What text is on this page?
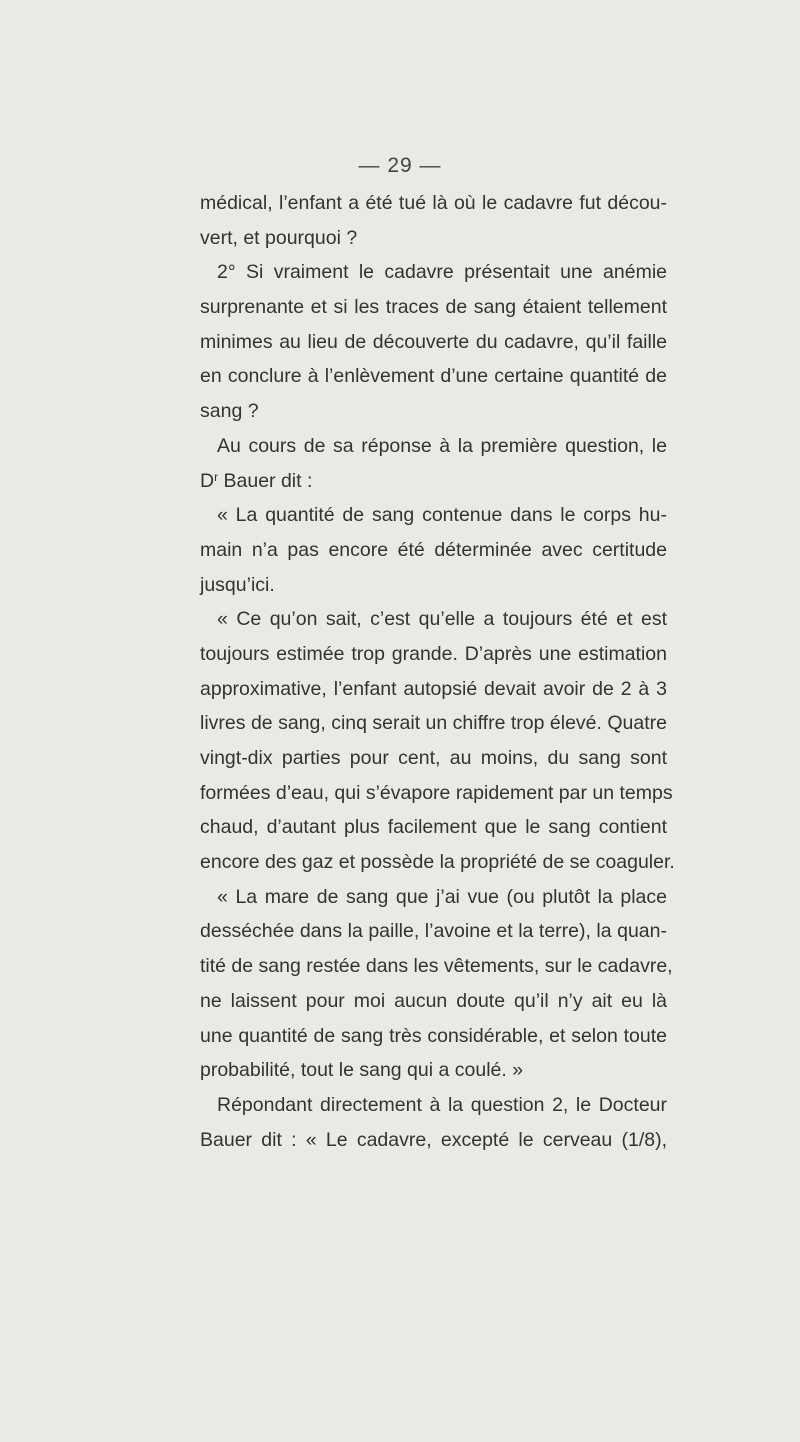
— 29 —
médical, l’enfant a été tué là où le cadavre fut décou-
vert, et pourquoi ?
2° Si vraiment le cadavre présentait une anémie
surprenante et si les traces de sang étaient tellement
minimes au lieu de découverte du cadavre, qu’il faille
en conclure à l’enlèvement d’une certaine quantité de
sang ?
Au cours de sa réponse à la première question, le
$D^r$ Bauer dit :
« La quantité de sang contenue dans le corps hu-
main n’a pas encore été déterminée avec certitude
jusqu’ici.
« Ce qu’on sait, c’est qu’elle a toujours été et est
toujours estimée trop grande. D’après une estimation
approximative, l’enfant autopsié devait avoir de 2 à 3
livres de sang, cinq serait un chiffre trop élevé. Quatre
vingt-dix parties pour cent, au moins, du sang sont
formées d’eau, qui s’évapore rapidement par un temps
chaud, d’autant plus facilement que le sang contient
encore des gaz et possède la propriété de se coaguler.
« La mare de sang que j’ai vue (ou plutôt la place
desséchée dans la paille, l’avoine et la terre), la quan-
tité de sang restée dans les vêtements, sur le cadavre,
ne laissent pour moi aucun doute qu’il n’y ait eu là
une quantité de sang très considérable, et selon toute
probabilité, tout le sang qui a coulé. »
Répondant directement à la question 2, le Docteur
Bauer dit : « Le cadavre, excepté le cerveau (1/8),
